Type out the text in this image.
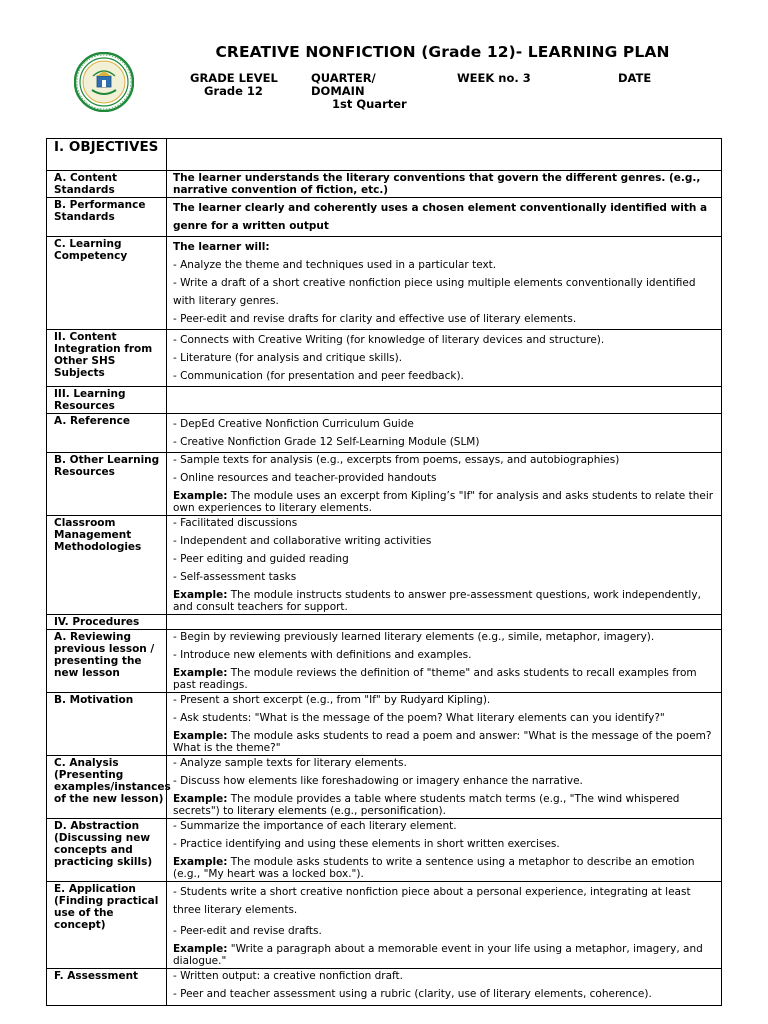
CREATIVE NONFICTION (Grade 12)- LEARNING PLAN
GRADE LEVEL
Grade 12
QUARTER/
DOMAIN
1st Quarter
WEEK no. 3	DATE
I. OBJECTIVES	
A. Content Standards	The learner understands the literary conventions that govern the different genres. (e.g., narrative convention of fiction, etc.)
B. Performance Standards	The learner clearly and coherently uses a chosen element conventionally identified with a genre for a written output
C. Learning Competency	The learner will:
- Analyze the theme and techniques used in a particular text.
- Write a draft of a short creative nonfiction piece using multiple elements conventionally identified with literary genres.
- Peer-edit and revise drafts for clarity and effective use of literary elements.

II. Content Integration from Other SHS Subjects	- Connects with Creative Writing (for knowledge of literary devices and structure).
- Literature (for analysis and critique skills).
- Communication (for presentation and peer feedback).

III. Learning Resources	
A. Reference	- DepEd Creative Nonfiction Curriculum Guide
- Creative Nonfiction Grade 12 Self-Learning Module (SLM)

B. Other Learning Resources	- Sample texts for analysis (e.g., excerpts from poems, essays, and autobiographies)
- Online resources and teacher-provided handouts
Example: The module uses an excerpt from Kipling’s "If" for analysis and asks students to relate their own experiences to literary elements.

Classroom Management Methodologies	- Facilitated discussions
- Independent and collaborative writing activities
- Peer editing and guided reading
- Self-assessment tasks
Example: The module instructs students to answer pre-assessment questions, work independently, and consult teachers for support.

IV. Procedures	
A. Reviewing previous lesson / presenting the new lesson	- Begin by reviewing previously learned literary elements (e.g., simile, metaphor, imagery).
- Introduce new elements with definitions and examples.
Example: The module reviews the definition of "theme" and asks students to recall examples from past readings.

B. Motivation	- Present a short excerpt (e.g., from "If" by Rudyard Kipling).
- Ask students: "What is the message of the poem? What literary elements can you identify?"
Example: The module asks students to read a poem and answer: "What is the message of the poem? What is the theme?"

C. Analysis (Presenting examples/instances of the new lesson)	- Analyze sample texts for literary elements.
- Discuss how elements like foreshadowing or imagery enhance the narrative.
Example: The module provides a table where students match terms (e.g., "The wind whispered secrets") to literary elements (e.g., personification).

D. Abstraction (Discussing new concepts and practicing skills)	- Summarize the importance of each literary element.
- Practice identifying and using these elements in short written exercises.
Example: The module asks students to write a sentence using a metaphor to describe an emotion (e.g., "My heart was a locked box.").

E. Application (Finding practical use of the concept)	- Students write a short creative nonfiction piece about a personal experience, integrating at least three literary elements.
- Peer-edit and revise drafts.
Example: "Write a paragraph about a memorable event in your life using a metaphor, imagery, and dialogue."

F. Assessment	- Written output: a creative nonfiction draft.
- Peer and teacher assessment using a rubric (clarity, use of literary elements, coherence).
